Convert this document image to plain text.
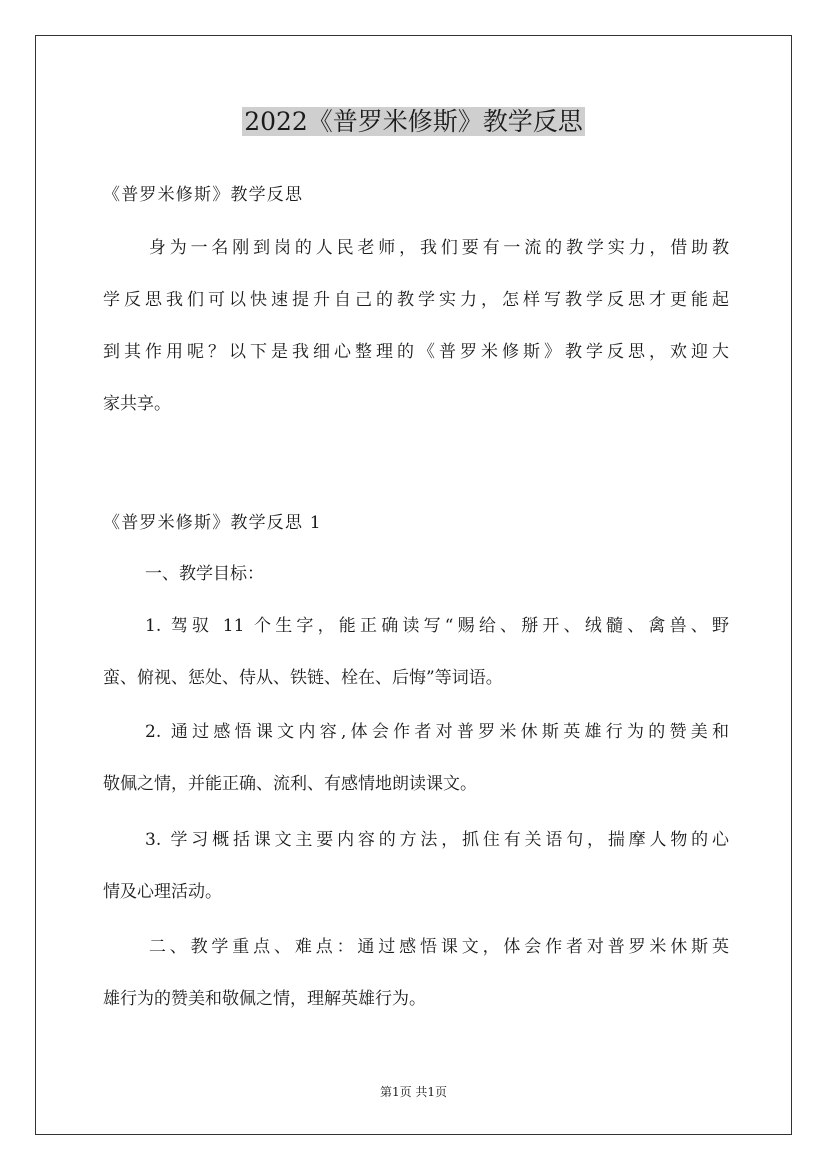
2022《普罗米修斯》教学反思
《普罗米修斯》教学反思
身为一名刚到岗的人民老师，我们要有一流的教学实力，借助教
学反思我们可以快速提升自己的教学实力，怎样写教学反思才更能起
到其作用呢？以下是我细心整理的《普罗米修斯》教学反思，欢迎大
家共享。
《普罗米修斯》教学反思 1
一、教学目标：
1. 驾驭 11 个生字，能正确读写“赐给、掰开、绒髓、禽兽、野
蛮、俯视、惩处、侍从、铁链、栓在、后悔”等词语。
2. 通过感悟课文内容,体会作者对普罗米休斯英雄行为的赞美和
敬佩之情，并能正确、流利、有感情地朗读课文。
3. 学习概括课文主要内容的方法，抓住有关语句，揣摩人物的心
情及心理活动。
二、教学重点、难点：通过感悟课文，体会作者对普罗米休斯英
雄行为的赞美和敬佩之情，理解英雄行为。
第1页 共1页
